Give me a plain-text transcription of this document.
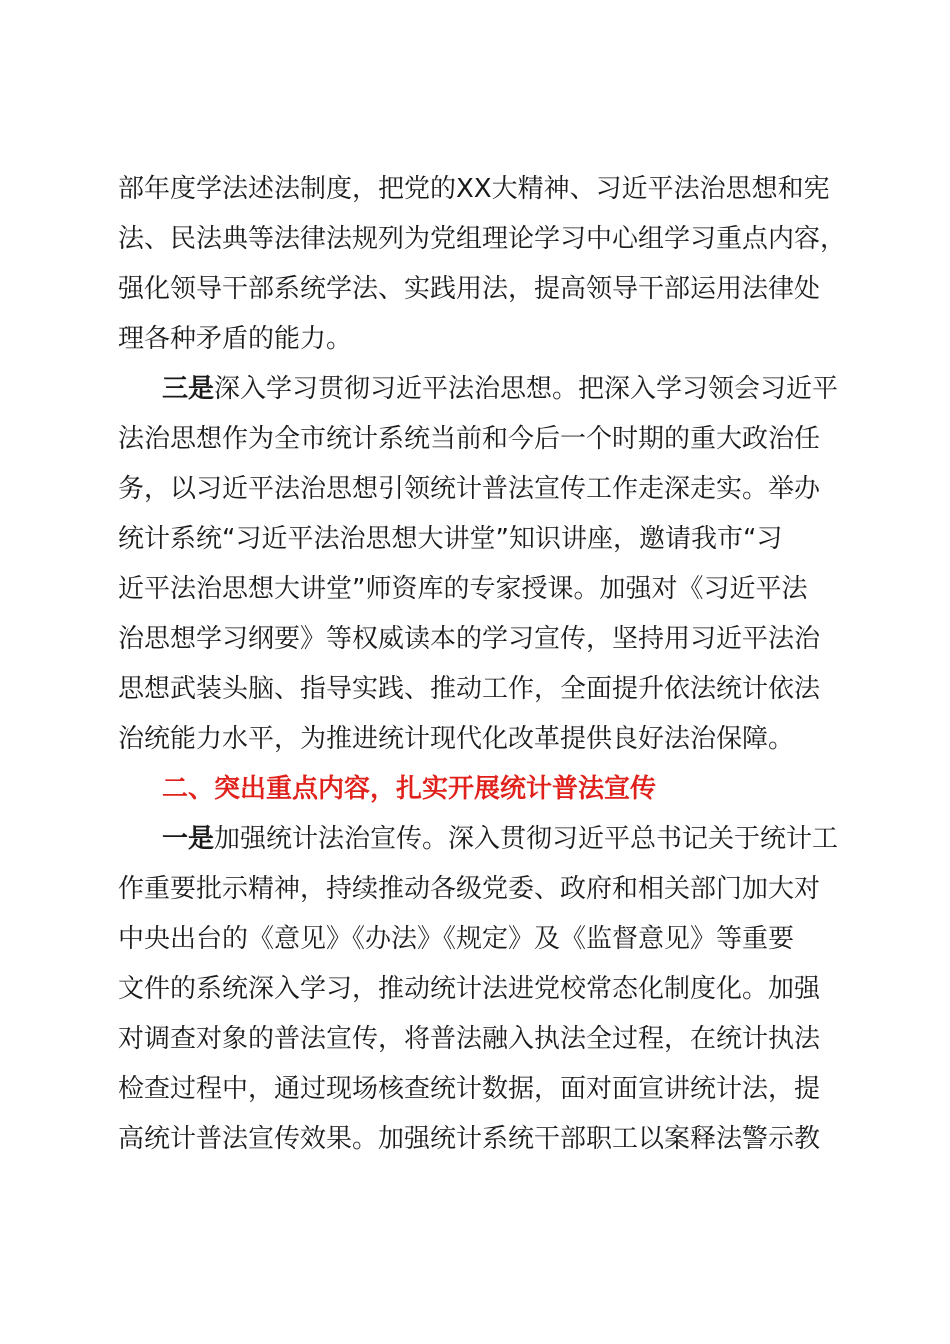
部年度学法述法制度，把党的XX大精神、习近平法治思想和宪
法、民法典等法律法规列为党组理论学习中心组学习重点内容，
强化领导干部系统学法、实践用法，提高领导干部运用法律处
理各种矛盾的能力。
三是深入学习贯彻习近平法治思想。把深入学习领会习近平
法治思想作为全市统计系统当前和今后一个时期的重大政治任
务，以习近平法治思想引领统计普法宣传工作走深走实。举办
统计系统“习近平法治思想大讲堂”知识讲座，邀请我市“习
近平法治思想大讲堂”师资库的专家授课。加强对《习近平法
治思想学习纲要》等权威读本的学习宣传，坚持用习近平法治
思想武装头脑、指导实践、推动工作，全面提升依法统计依法
治统能力水平，为推进统计现代化改革提供良好法治保障。
二、突出重点内容，扎实开展统计普法宣传
一是加强统计法治宣传。深入贯彻习近平总书记关于统计工
作重要批示精神，持续推动各级党委、政府和相关部门加大对
中央出台的《意见》《办法》《规定》及《监督意见》等重要
文件的系统深入学习，推动统计法进党校常态化制度化。加强
对调查对象的普法宣传，将普法融入执法全过程，在统计执法
检查过程中，通过现场核查统计数据，面对面宣讲统计法，提
高统计普法宣传效果。加强统计系统干部职工以案释法警示教
